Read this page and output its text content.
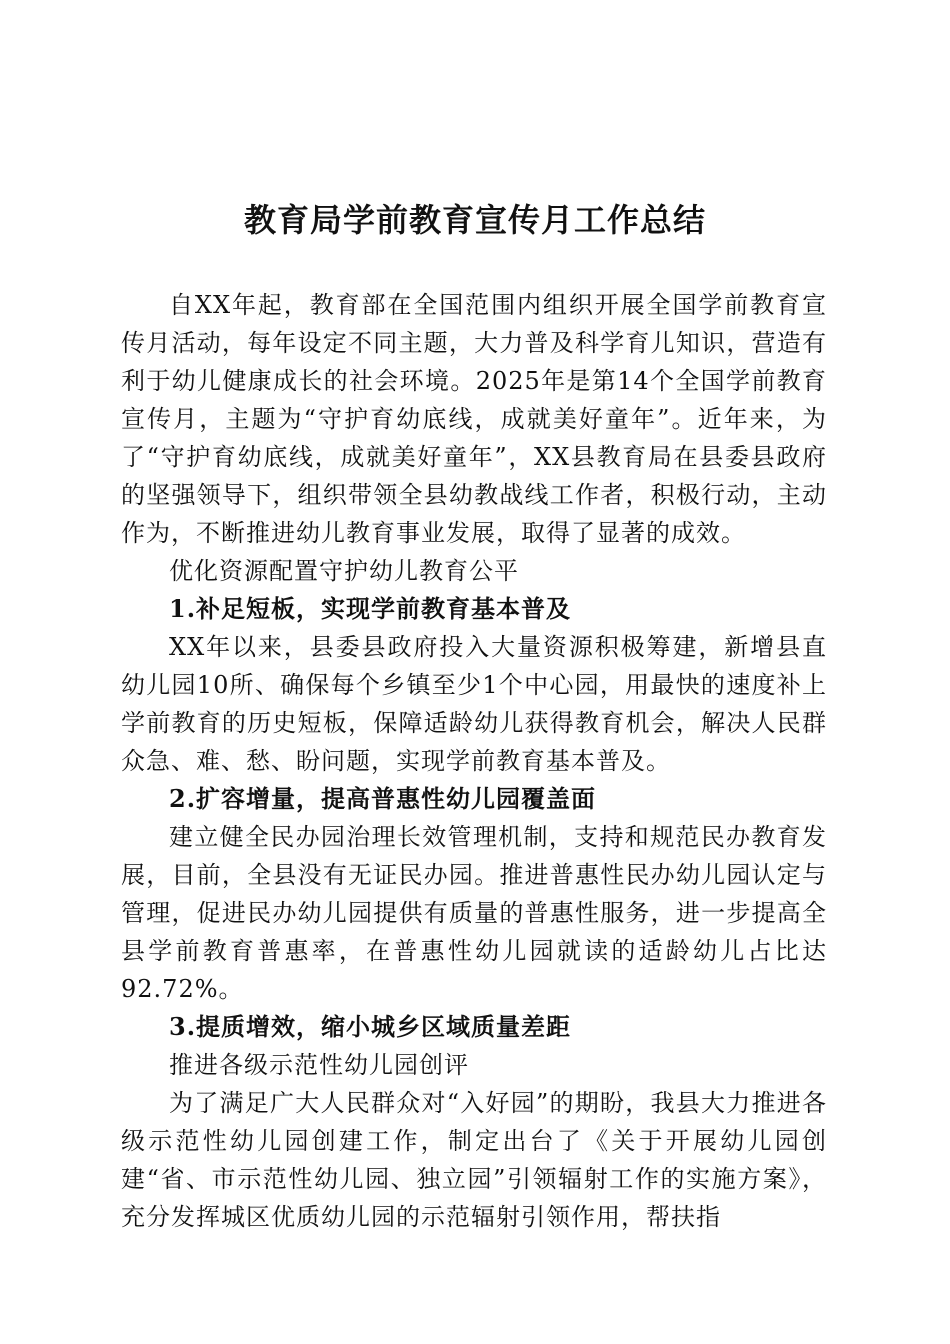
教育局学前教育宣传月工作总结

自XX年起，教育部在全国范围内组织开展全国学前教育宣传月活动，每年设定不同主题，大力普及科学育儿知识，营造有利于幼儿健康成长的社会环境。2025年是第14个全国学前教育宣传月，主题为“守护育幼底线，成就美好童年”。近年来，为了“守护育幼底线，成就美好童年”，XX县教育局在县委县政府的坚强领导下，组织带领全县幼教战线工作者，积极行动，主动作为，不断推进幼儿教育事业发展，取得了显著的成效。

优化资源配置守护幼儿教育公平

1.补足短板，实现学前教育基本普及

XX年以来，县委县政府投入大量资源积极筹建，新增县直幼儿园10所、确保每个乡镇至少1个中心园，用最快的速度补上学前教育的历史短板，保障适龄幼儿获得教育机会，解决人民群众急、难、愁、盼问题，实现学前教育基本普及。

2.扩容增量，提高普惠性幼儿园覆盖面

建立健全民办园治理长效管理机制，支持和规范民办教育发展，目前，全县没有无证民办园。推进普惠性民办幼儿园认定与管理，促进民办幼儿园提供有质量的普惠性服务，进一步提高全县学前教育普惠率，在普惠性幼儿园就读的适龄幼儿占比达92.72%。

3.提质增效，缩小城乡区域质量差距

推进各级示范性幼儿园创评

为了满足广大人民群众对“入好园”的期盼，我县大力推进各级示范性幼儿园创建工作，制定出台了《关于开展幼儿园创建“省、市示范性幼儿园、独立园”引领辐射工作的实施方案》，充分发挥城区优质幼儿园的示范辐射引领作用，帮扶指
